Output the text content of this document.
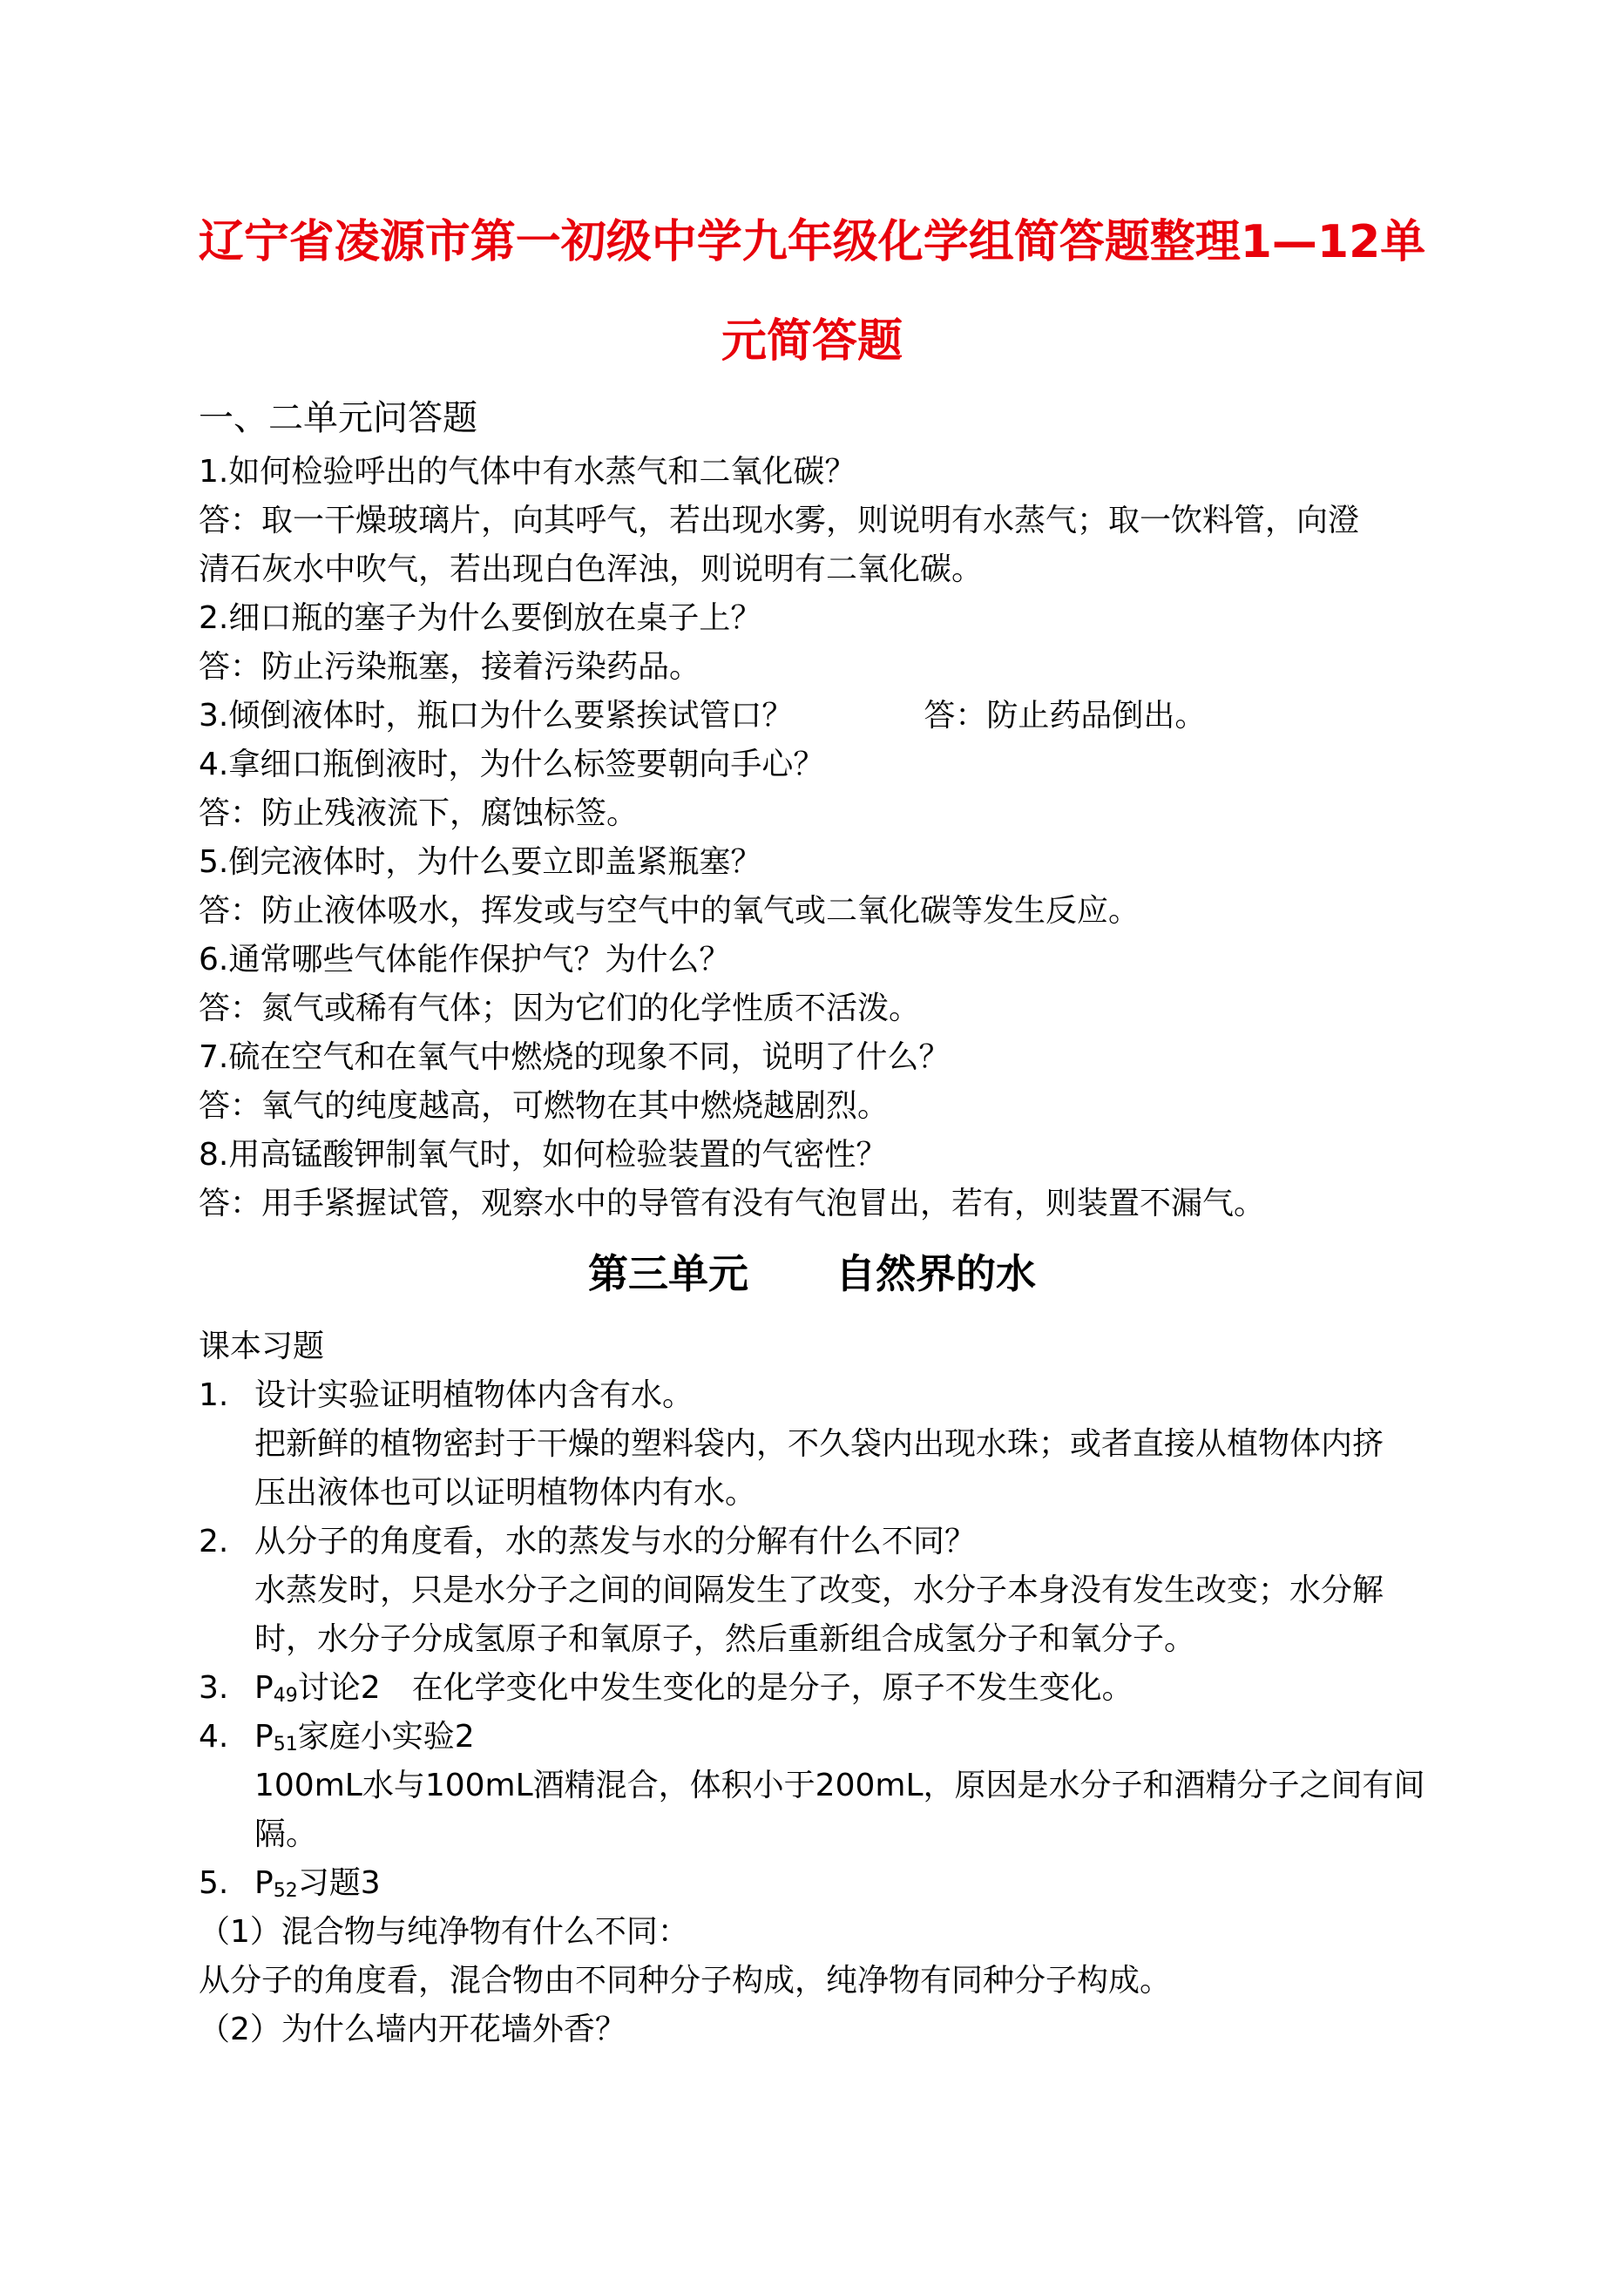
辽宁省凌源市第一初级中学九年级化学组简答题整理1—12单
元简答题
一、二单元问答题
1.如何检验呼出的气体中有水蒸气和二氧化碳？
答：取一干燥玻璃片，向其呼气，若出现水雾，则说明有水蒸气；取一饮料管，向澄
清石灰水中吹气，若出现白色浑浊，则说明有二氧化碳。
2.细口瓶的塞子为什么要倒放在桌子上？
答：防止污染瓶塞，接着污染药品。
3.倾倒液体时，瓶口为什么要紧挨试管口？	答：防止药品倒出。
4.拿细口瓶倒液时，为什么标签要朝向手心？
答：防止残液流下，腐蚀标签。
5.倒完液体时，为什么要立即盖紧瓶塞？
答：防止液体吸水，挥发或与空气中的氧气或二氧化碳等发生反应。
6.通常哪些气体能作保护气？为什么？
答：氮气或稀有气体；因为它们的化学性质不活泼。
7.硫在空气和在氧气中燃烧的现象不同，说明了什么？
答：氧气的纯度越高，可燃物在其中燃烧越剧烈。
8.用高锰酸钾制氧气时，如何检验装置的气密性？
答：用手紧握试管，观察水中的导管有没有气泡冒出，若有，则装置不漏气。
第三单元 自然界的水
课本习题
1. 设计实验证明植物体内含有水。
把新鲜的植物密封于干燥的塑料袋内，不久袋内出现水珠；或者直接从植物体内挤
压出液体也可以证明植物体内有水。
2. 从分子的角度看，水的蒸发与水的分解有什么不同？
水蒸发时，只是水分子之间的间隔发生了改变，水分子本身没有发生改变；水分解
时，水分子分成氢原子和氧原子，然后重新组合成氢分子和氧分子。
3. $P_{49}$讨论2　在化学变化中发生变化的是分子，原子不发生变化。
4. $P_{51}$家庭小实验2
100mL水与100mL酒精混合，体积小于200mL，原因是水分子和酒精分子之间有间
隔。
5. $P_{52}$习题3
（1）混合物与纯净物有什么不同：
从分子的角度看，混合物由不同种分子构成，纯净物有同种分子构成。
（2）为什么墙内开花墙外香？
